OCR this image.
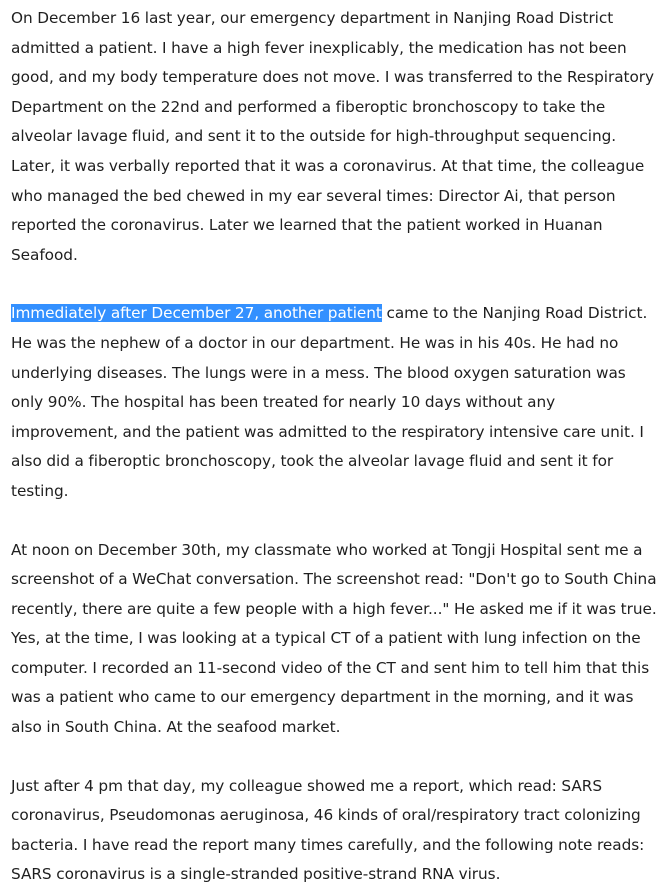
On December 16 last year, our emergency department in Nanjing Road District admitted a patient. I have a high fever inexplicably, the medication has not been good, and my body temperature does not move. I was transferred to the Respiratory Department on the 22nd and performed a fiberoptic bronchoscopy to take the alveolar lavage fluid, and sent it to the outside for high-throughput sequencing. Later, it was verbally reported that it was a coronavirus. At that time, the colleague who managed the bed chewed in my ear several times: Director Ai, that person reported the coronavirus. Later we learned that the patient worked in Huanan Seafood.

Immediately after December 27, another patient came to the Nanjing Road District. He was the nephew of a doctor in our department. He was in his 40s. He had no underlying diseases. The lungs were in a mess. The blood oxygen saturation was only 90%. The hospital has been treated for nearly 10 days without any improvement, and the patient was admitted to the respiratory intensive care unit. I also did a fiberoptic bronchoscopy, took the alveolar lavage fluid and sent it for testing.

At noon on December 30th, my classmate who worked at Tongji Hospital sent me a screenshot of a WeChat conversation. The screenshot read: "Don't go to South China recently, there are quite a few people with a high fever..." He asked me if it was true. Yes, at the time, I was looking at a typical CT of a patient with lung infection on the computer. I recorded an 11-second video of the CT and sent him to tell him that this was a patient who came to our emergency department in the morning, and it was also in South China. At the seafood market.

Just after 4 pm that day, my colleague showed me a report, which read: SARS coronavirus, Pseudomonas aeruginosa, 46 kinds of oral/respiratory tract colonizing bacteria. I have read the report many times carefully, and the following note reads: SARS coronavirus is a single-stranded positive-strand RNA virus.
